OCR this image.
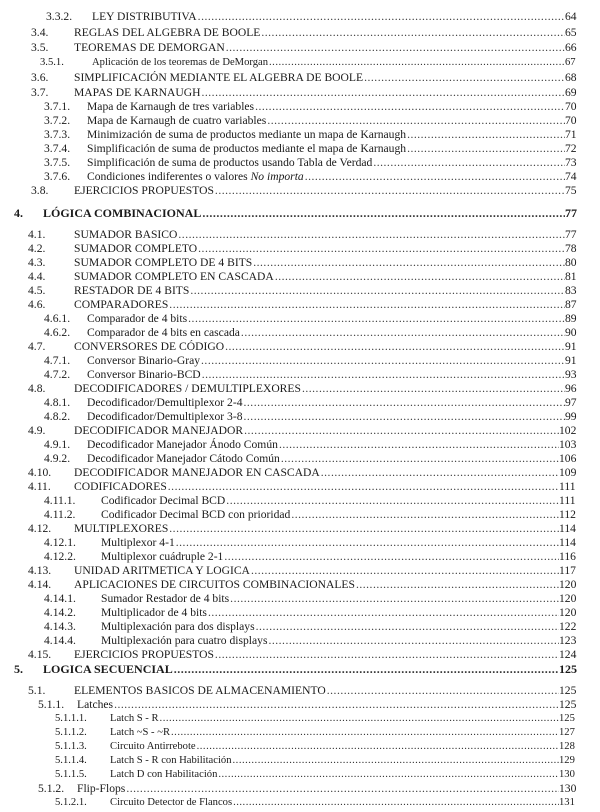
3.3.2. LEY DISTRIBUTIVA .....	64
3.4. REGLAS DEL ALGEBRA DE BOOLE .....	65
3.5. TEOREMAS DE DEMORGAN .....	66
3.5.1.	Aplicación de los teoremas de DeMorgan .....	67
3.6. SIMPLIFICACIÓN MEDIANTE EL ALGEBRA DE BOOLE .....	68
3.7. MAPAS DE KARNAUGH .....	69
3.7.1. Mapa de Karnaugh de tres variables .....	70
3.7.2. Mapa de Karnaugh de cuatro variables .....	70
3.7.3. Minimización de suma de productos mediante un mapa de Karnaugh .....	71
3.7.4. Simplificación de suma de productos mediante el mapa de Karnaugh .....	72
3.7.5. Simplificación de suma de productos usando Tabla de Verdad .....	73
3.7.6. Condiciones indiferentes o valores No importa .....	74
3.8. EJERCICIOS PROPUESTOS .....	75
4. LÓGICA COMBINACIONAL .....	77
4.1. SUMADOR BASICO .....	77
4.2. SUMADOR COMPLETO .....	78
4.3. SUMADOR COMPLETO DE 4 BITS .....	80
4.4. SUMADOR COMPLETO EN CASCADA .....	81
4.5. RESTADOR DE 4 BITS .....	83
4.6. COMPARADORES .....	87
4.6.1. Comparador de 4 bits .....	89
4.6.2. Comparador de 4 bits en cascada .....	90
4.7. CONVERSORES DE CÓDIGO .....	91
4.7.1. Conversor Binario-Gray .....	91
4.7.2. Conversor Binario-BCD .....	93
4.8. DECODIFICADORES / DEMULTIPLEXORES .....	96
4.8.1. Decodificador/Demultiplexor 2-4 .....	97
4.8.2. Decodificador/Demultiplexor 3-8 .....	99
4.9. DECODIFICADOR MANEJADOR .....	102
4.9.1. Decodificador Manejador Ánodo Común .....	103
4.9.2. Decodificador Manejador Cátodo Común .....	106
4.10. DECODIFICADOR MANEJADOR EN CASCADA .....	109
4.11. CODIFICADORES .....	111
4.11.1. Codificador Decimal BCD .....	111
4.11.2. Codificador Decimal BCD con prioridad .....	112
4.12. MULTIPLEXORES .....	114
4.12.1. Multiplexor 4-1 .....	114
4.12.2. Multiplexor cuádruple 2-1 .....	116
4.13. UNIDAD ARITMETICA Y LOGICA .....	117
4.14. APLICACIONES DE CIRCUITOS COMBINACIONALES .....	120
4.14.1. Sumador Restador de 4 bits .....	120
4.14.2. Multiplicador de 4 bits .....	120
4.14.3. Multiplexación para dos displays .....	122
4.14.4. Multiplexación para cuatro displays .....	123
4.15. EJERCICIOS PROPUESTOS .....	124
5. LOGICA SECUENCIAL .....	125
5.1. ELEMENTOS BASICOS DE ALMACENAMIENTO .....	125
5.1.1. Latches .....	125
5.1.1.1. Latch S - R .....	125
5.1.1.2. Latch ~S - ~R .....	127
5.1.1.3. Circuito Antirrebote .....	128
5.1.1.4. Latch S - R con Habilitación .....	129
5.1.1.5. Latch D con Habilitación .....	130
5.1.2. Flip-Flops .....	130
5.1.2.1. Circuito Detector de Flancos .....	131
